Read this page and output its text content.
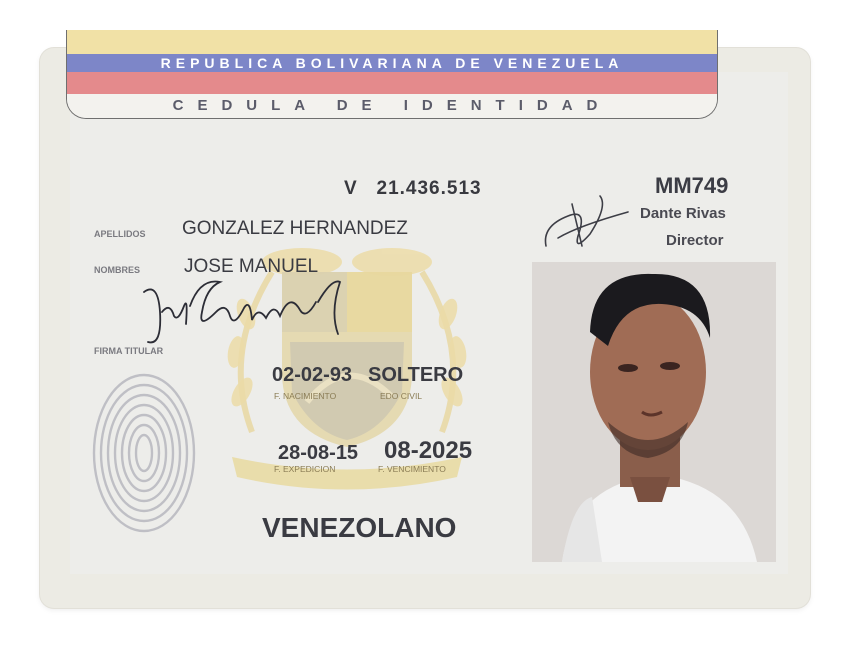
REPUBLICA BOLIVARIANA DE VENEZUELA
CEDULA DE IDENTIDAD
V   21.436.513	MM749
Dante Rivas
Director
APELLIDOS GONZALEZ HERNANDEZ
NOMBRES JOSE MANUEL
FIRMA TITULAR
02-02-93 SOLTERO
F. NACIMIENTO	EDO CIVIL
28-08-15 08-2025
F. EXPEDICION	F. VENCIMIENTO
VENEZOLANO
